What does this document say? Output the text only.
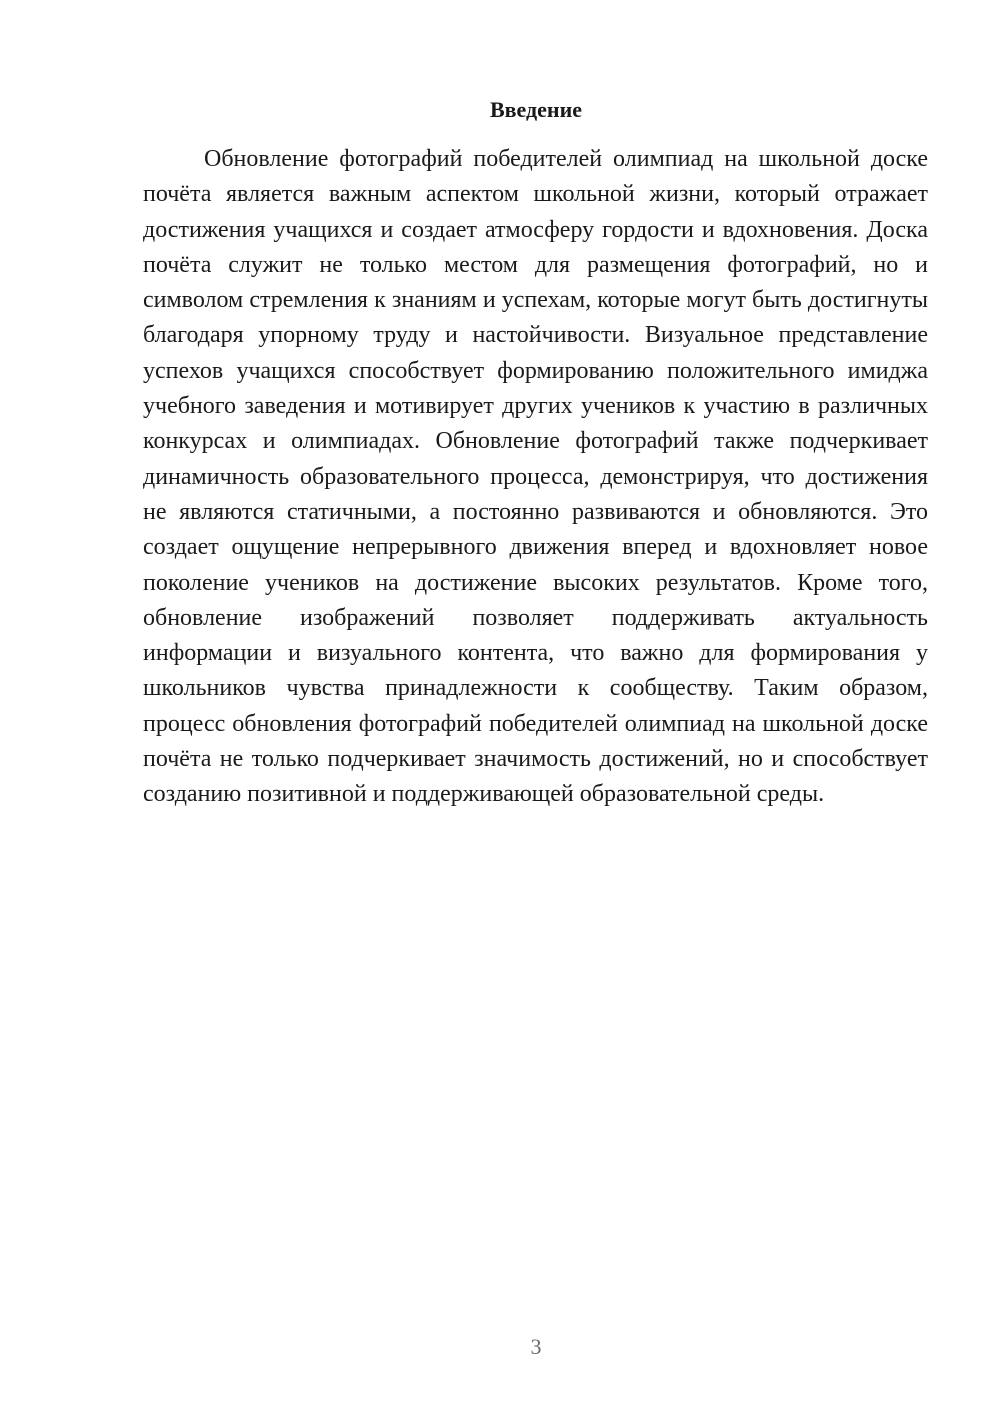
Введение

Обновление фотографий победителей олимпиад на школьной доске почёта является важным аспектом школьной жизни, который отражает достижения учащихся и создает атмосферу гордости и вдохновения. Доска почёта служит не только местом для размещения фотографий, но и символом стремления к знаниям и успехам, которые могут быть достигнуты благодаря упорному труду и настойчивости. Визуальное представление успехов учащихся способствует формированию положительного имиджа учебного заведения и мотивирует других учеников к участию в различных конкурсах и олимпиадах. Обновление фотографий также подчеркивает динамичность образовательного процесса, демонстрируя, что достижения не являются статичными, а постоянно развиваются и обновляются. Это создает ощущение непрерывного движения вперед и вдохновляет новое поколение учеников на достижение высоких результатов. Кроме того, обновление изображений позволяет поддерживать актуальность информации и визуального контента, что важно для формирования у школьников чувства принадлежности к сообществу. Таким образом, процесс обновления фотографий победителей олимпиад на школьной доске почёта не только подчеркивает значимость достижений, но и способствует созданию позитивной и поддерживающей образовательной среды.

3
